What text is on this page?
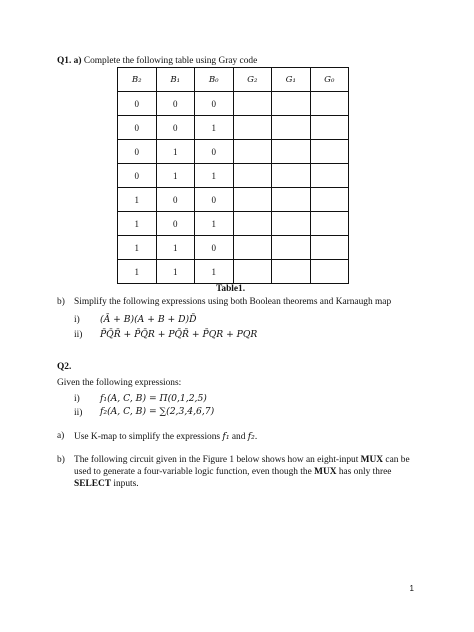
Q1. a) Complete the following table using Gray code
B₂	B₁	B₀	G₂	G₁	G₀
0	0	0			
0	0	1			
0	1	0			
0	1	1			
1	0	0			
1	0	1			
1	1	0			
1	1	1			
Table1.
b) Simplify the following expressions using both Boolean theorems and Karnaugh map
i) (Ā + B)(A + B + D)D̄
ii) P̄Q̄R̄ + P̄Q̄R + PQ̄R̄ + P̄QR + PQR
Q2.
Given the following expressions:
i) f₁(A, C, B) = Π(0,1,2,5)
ii) f₂(A, C, B) = ∑(2,3,4,6,7)
a) Use K-map to simplify the expressions f₁ and f₂.
b) The following circuit given in the Figure 1 below shows how an eight-input MUX can be
used to generate a four-variable logic function, even though the MUX has only three
SELECT inputs.
1
